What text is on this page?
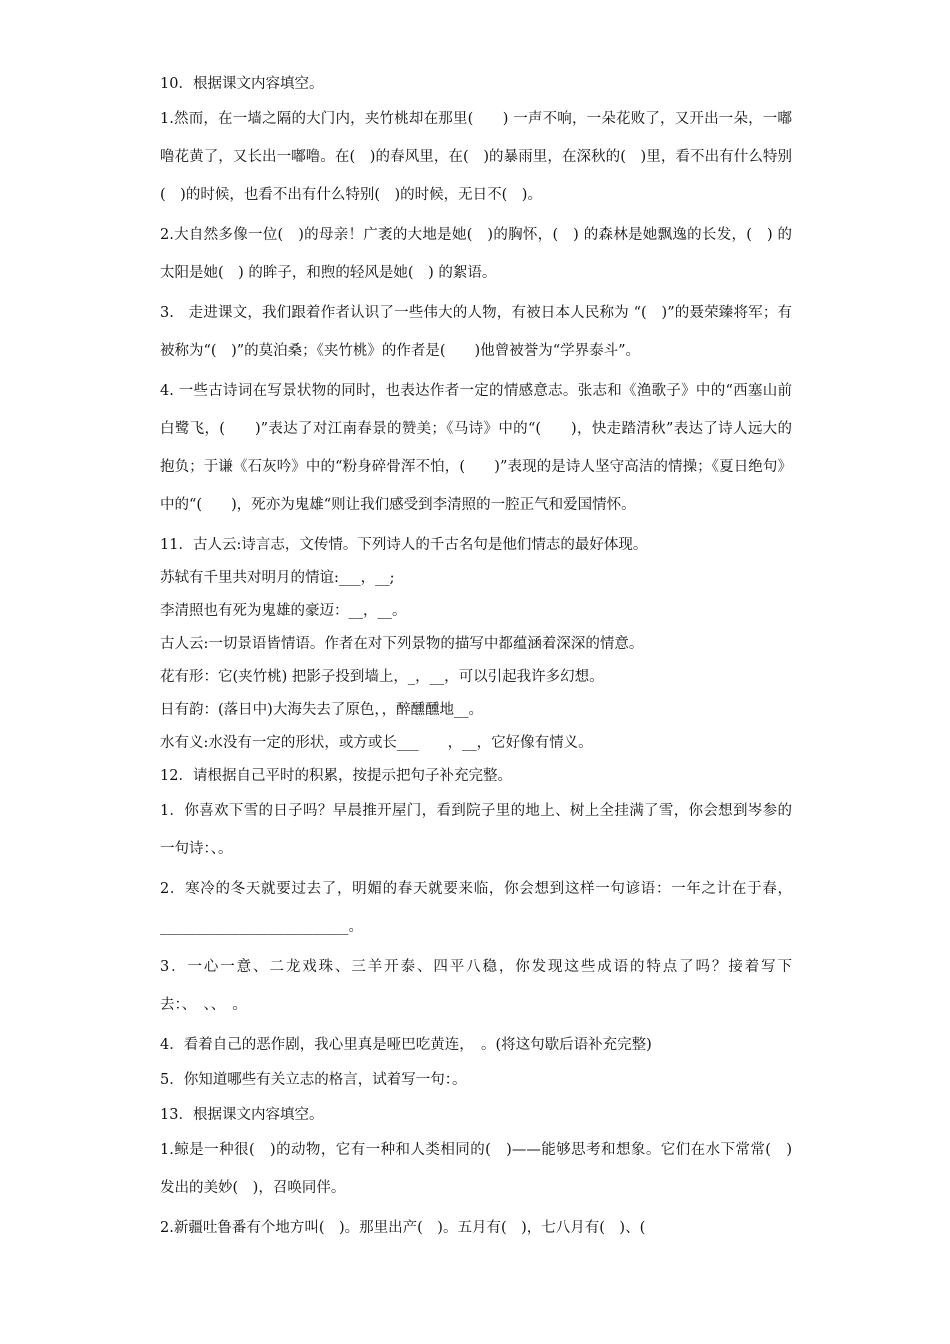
10．根据课文内容填空。
1.然而，在一墙之隔的大门内，夹竹桃却在那里(　　) 一声不响，一朵花败了，又开出一朵，一嘟噜花黄了，又长出一嘟噜。在(　)的春风里，在(　)的暴雨里，在深秋的(　)里，看不出有什么特别(　)的时候，也看不出有什么特别(　)的时候，无日不(　)。
2.大自然多像一位(　)的母亲！广袤的大地是她(　)的胸怀，(　) 的森林是她飘逸的长发，(　) 的太阳是她(　) 的眸子，和煦的轻风是她(　) 的絮语。
3.　走进课文，我们跟着作者认识了一些伟大的人物，有被日本人民称为 “(　)”的聂荣臻将军；有被称为“(　)”的莫泊桑；《夹竹桃》的作者是(　　)他曾被誉为“学界泰斗”。
4. 一些古诗词在写景状物的同时，也表达作者一定的情感意志。张志和《渔歌子》中的“西塞山前白鹭飞，(　　)”表达了对江南春景的赞美；《马诗》中的“(　　)，快走踏清秋”表达了诗人远大的抱负；于谦《石灰吟》中的“粉身碎骨浑不怕，(　　)”表现的是诗人坚守高洁的情操；《夏日绝句》中的“(　　)，死亦为鬼雄“则让我们感受到李清照的一腔正气和爱国情怀。
11．古人云:诗言志，文传情。下列诗人的千古名句是他们情志的最好体现。
苏轼有千里共对明月的情谊:___，__;
李清照也有死为鬼雄的豪迈：__，__。
古人云:一切景语皆情语。作者在对下列景物的描写中都蕴涵着深深的情意。
花有形：它(夹竹桃) 把影子投到墙上，_，__，可以引起我许多幻想。
日有韵：(落日中)大海失去了原色，，醉醺醺地__。
水有义:水没有一定的形状，或方或长___　　，__，它好像有情义。
12．请根据自己平时的积累，按提示把句子补充完整。
1．你喜欢下雪的日子吗？早晨推开屋门，看到院子里的地上、树上全挂满了雪，你会想到岑参的一句诗：、。
2．寒冷的冬天就要过去了，明媚的春天就要来临，你会想到这样一句谚语：一年之计在于春，__________________________。
3．一心一意、二龙戏珠、三羊开泰、四平八稳，你发现这些成语的特点了吗？接着写下去：、　、、　。
4．看着自己的恶作剧，我心里真是哑巴吃黄连，　。(将这句歇后语补充完整)
5．你知道哪些有关立志的格言，试着写一句：。
13．根据课文内容填空。
1.鲸是一种很(　)的动物，它有一种和人类相同的(　)——能够思考和想象。它们在水下常常(　) 发出的美妙(　)，召唤同伴。
2.新疆吐鲁番有个地方叫(　)。那里出产(　)。五月有(　)，七八月有(　)、(
